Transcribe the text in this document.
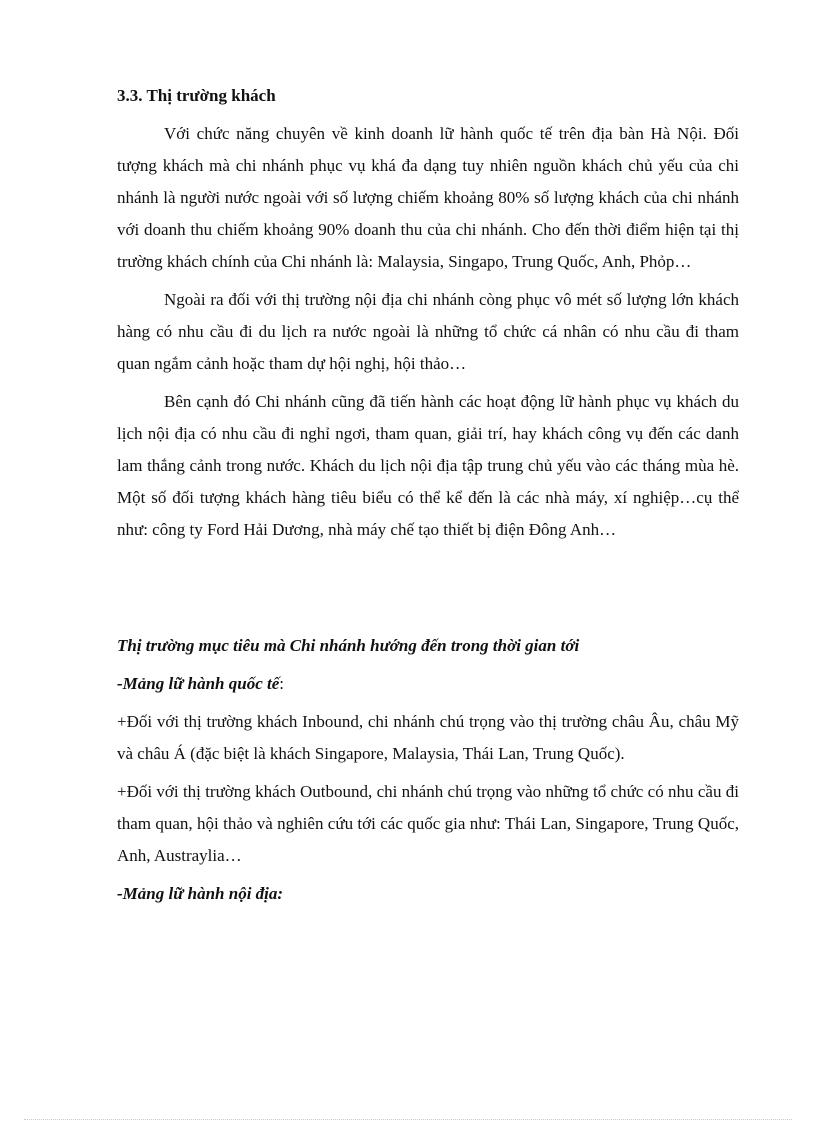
3.3. Thị trường khách

Với chức năng chuyên về kinh doanh lữ hành quốc tế trên địa bàn Hà Nội. Đối tượng khách mà chi nhánh phục vụ khá đa dạng tuy nhiên nguồn khách chủ yếu của chi nhánh là người nước ngoài với số lượng chiếm khoảng 80% số lượng khách của chi nhánh với doanh thu chiếm khoảng 90% doanh thu của chi nhánh. Cho đến thời điểm hiện tại thị trường khách chính của Chi nhánh là: Malaysia, Singapo, Trung Quốc, Anh, Phỏp…

Ngoài ra đối với thị trường nội địa chi nhánh còng phục vô mét số lượng lớn khách hàng có nhu cầu đi du lịch ra nước ngoài là những tổ chức cá nhân có nhu cầu đi tham quan ngắm cảnh hoặc tham dự hội nghị, hội thảo…

Bên cạnh đó Chi nhánh cũng đã tiến hành các hoạt động lữ hành phục vụ khách du lịch nội địa có nhu cầu đi nghỉ ngơi, tham quan, giải trí, hay khách công vụ đến các danh lam thắng cảnh trong nước. Khách du lịch nội địa tập trung chủ yếu vào các tháng mùa hè. Một số đối tượng khách hàng tiêu biểu có thể kể đến là các nhà máy, xí nghiệp…cụ thể như: công ty Ford Hải Dương, nhà máy chế tạo thiết bị điện Đông Anh…

Thị trường mục tiêu mà Chi nhánh hướng đến trong thời gian tới
-Mảng lữ hành quốc tế:

+Đối với thị trường khách Inbound, chi nhánh chú trọng vào thị trường châu Âu, châu Mỹ và châu Á (đặc biệt là khách Singapore, Malaysia, Thái Lan, Trung Quốc).

+Đối với thị trường khách Outbound, chi nhánh chú trọng vào những tổ chức có nhu cầu đi tham quan, hội thảo và nghiên cứu tới các quốc gia như: Thái Lan, Singapore, Trung Quốc, Anh, Austraylia…

-Mảng lữ hành nội địa:
